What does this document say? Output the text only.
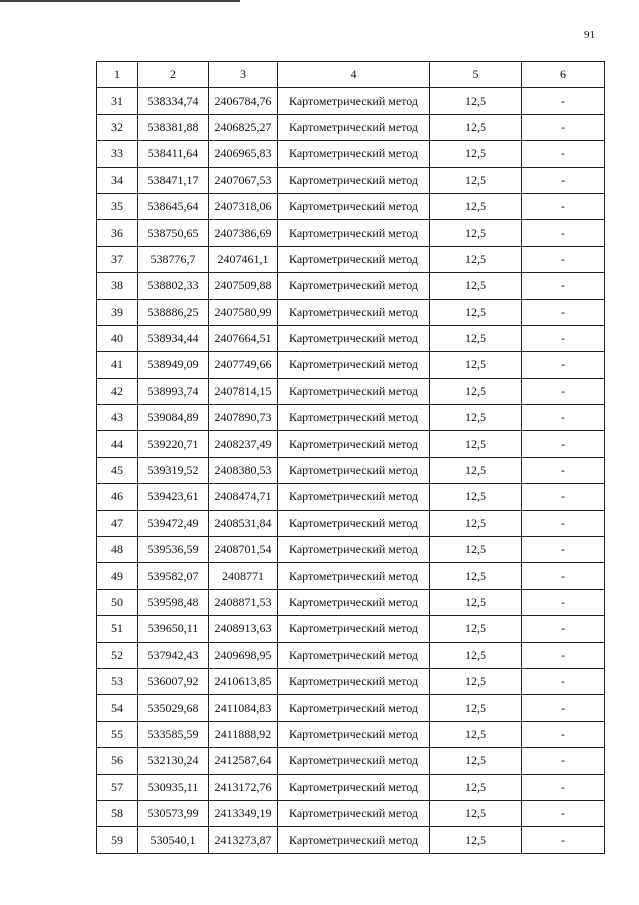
91
1	2	3	4	5	6
31	538334,74	2406784,76	Картометрический метод	12,5	-
32	538381,88	2406825,27	Картометрический метод	12,5	-
33	538411,64	2406965,83	Картометрический метод	12,5	-
34	538471,17	2407067,53	Картометрический метод	12,5	-
35	538645,64	2407318,06	Картометрический метод	12,5	-
36	538750,65	2407386,69	Картометрический метод	12,5	-
37	538776,7	2407461,1	Картометрический метод	12,5	-
38	538802,33	2407509,88	Картометрический метод	12,5	-
39	538886,25	2407580,99	Картометрический метод	12,5	-
40	538934,44	2407664,51	Картометрический метод	12,5	-
41	538949,09	2407749,66	Картометрический метод	12,5	-
42	538993,74	2407814,15	Картометрический метод	12,5	-
43	539084,89	2407890,73	Картометрический метод	12,5	-
44	539220,71	2408237,49	Картометрический метод	12,5	-
45	539319,52	2408380,53	Картометрический метод	12,5	-
46	539423,61	2408474,71	Картометрический метод	12,5	-
47	539472,49	2408531,84	Картометрический метод	12,5	-
48	539536,59	2408701,54	Картометрический метод	12,5	-
49	539582,07	2408771	Картометрический метод	12,5	-
50	539598,48	2408871,53	Картометрический метод	12,5	-
51	539650,11	2408913,63	Картометрический метод	12,5	-
52	537942,43	2409698,95	Картометрический метод	12,5	-
53	536007,92	2410613,85	Картометрический метод	12,5	-
54	535029,68	2411084,83	Картометрический метод	12,5	-
55	533585,59	2411888,92	Картометрический метод	12,5	-
56	532130,24	2412587,64	Картометрический метод	12,5	-
57	530935,11	2413172,76	Картометрический метод	12,5	-
58	530573,99	2413349,19	Картометрический метод	12,5	-
59	530540,1	2413273,87	Картометрический метод	12,5	-
